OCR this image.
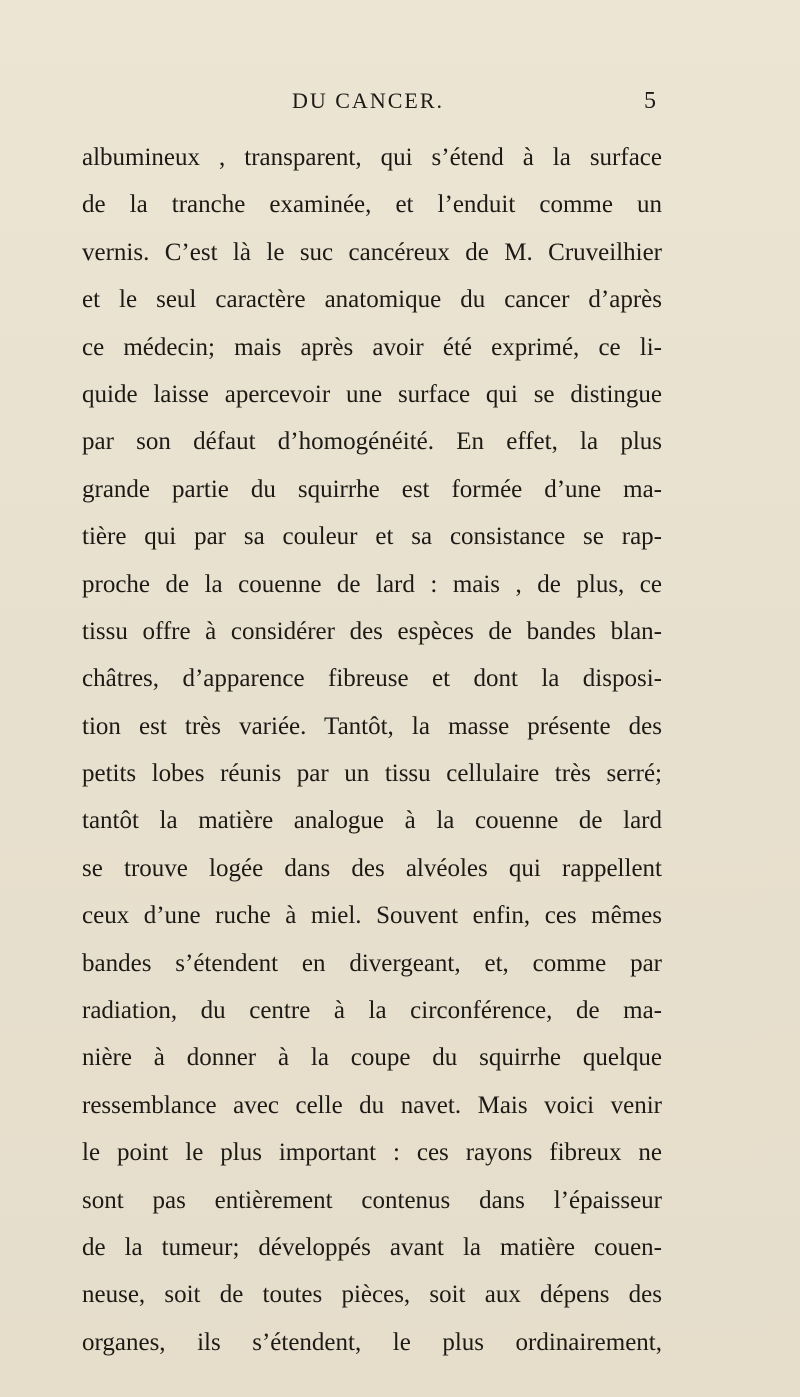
DU CANCER.	5
albumineux , transparent, qui s’étend à la surface
de la tranche examinée, et l’enduit comme un
vernis. C’est là le suc cancéreux de M. Cruveilhier
et le seul caractère anatomique du cancer d’après
ce médecin; mais après avoir été exprimé, ce li-
quide laisse apercevoir une surface qui se distingue
par son défaut d’homogénéité. En effet, la plus
grande partie du squirrhe est formée d’une ma-
tière qui par sa couleur et sa consistance se rap-
proche de la couenne de lard : mais , de plus, ce
tissu offre à considérer des espèces de bandes blan-
châtres, d’apparence fibreuse et dont la disposi-
tion est très variée. Tantôt, la masse présente des
petits lobes réunis par un tissu cellulaire très serré;
tantôt la matière analogue à la couenne de lard
se trouve logée dans des alvéoles qui rappellent
ceux d’une ruche à miel. Souvent enfin, ces mêmes
bandes s’étendent en divergeant, et, comme par
radiation, du centre à la circonférence, de ma-
nière à donner à la coupe du squirrhe quelque
ressemblance avec celle du navet. Mais voici venir
le point le plus important : ces rayons fibreux ne
sont pas entièrement contenus dans l’épaisseur
de la tumeur; développés avant la matière couen-
neuse, soit de toutes pièces, soit aux dépens des
organes, ils s’étendent, le plus ordinairement,
